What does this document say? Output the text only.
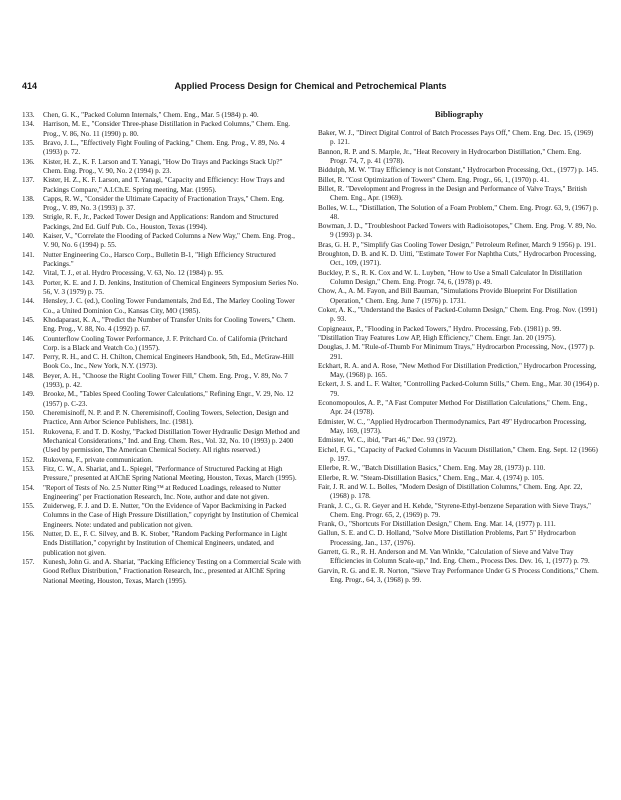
414	Applied Process Design for Chemical and Petrochemical Plants
133. Chen, G. K., "Packed Column Internals," Chem. Eng., Mar. 5 (1984) p. 40.
134. Harrison, M. E., "Consider Three-phase Distillation in Packed Columns," Chem. Eng. Prog., V. 86, No. 11 (1990) p. 80.
135. Bravo, J. L., "Effectively Fight Fouling of Packing," Chem. Eng. Prog., V. 89, No. 4 (1993) p. 72.
136. Kister, H. Z., K. F. Larson and T. Yanagi, "How Do Trays and Packings Stack Up?" Chem. Eng. Prog., V. 90, No. 2 (1994) p. 23.
137. Kister, H. Z., K. F. Larson, and T. Yanagi, "Capacity and Efficiency: How Trays and Packings Compare," A.I.Ch.E. Spring meeting, Mar. (1995).
138. Capps, R. W., "Consider the Ultimate Capacity of Fractionation Trays," Chem. Eng. Prog., V. 89, No. 3 (1993) p. 37.
139. Strigle, R. F., Jr., Packed Tower Design and Applications: Random and Structured Packings, 2nd Ed. Gulf Pub. Co., Houston, Texas (1994).
140. Kaiser, V., "Correlate the Flooding of Packed Columns a New Way," Chem. Eng. Prog., V. 90, No. 6 (1994) p. 55.
141. Nutter Engineering Co., Harsco Corp., Bulletin B-1, "High Efficiency Structured Packings."
142. Vital, T. J., et al. Hydro Processing, V. 63, No. 12 (1984) p. 95.
143. Porter, K. E. and J. D. Jenkins, Institution of Chemical Engineers Symposium Series No. 56, V. 3 (1979) p. 75.
144. Hensley, J. C. (ed.), Cooling Tower Fundamentals, 2nd Ed., The Marley Cooling Tower Co., a United Dominion Co., Kansas City, MO (1985).
145. Khodaparast, K. A., "Predict the Number of Transfer Units for Cooling Towers," Chem. Eng. Prog., V. 88, No. 4 (1992) p. 67.
146. Counterflow Cooling Tower Performance, J. F. Pritchard Co. of California (Pritchard Corp. is a Black and Veatch Co.) (1957).
147. Perry, R. H., and C. H. Chilton, Chemical Engineers Handbook, 5th, Ed., McGraw-Hill Book Co., Inc., New York, N.Y. (1973).
148. Beyer, A. H., "Choose the Right Cooling Tower Fill," Chem. Eng. Prog., V. 89, No. 7 (1993), p. 42.
149. Brooke, M., "Tables Speed Cooling Tower Calculations," Refining Engr., V. 29, No. 12 (1957) p. C-23.
150. Cheremisinoff, N. P. and P. N. Cheremisinoff, Cooling Towers, Selection, Design and Practice, Ann Arbor Science Publishers, Inc. (1981).
151. Rukovena, F. and T. D. Koshy, "Packed Distillation Tower Hydraulic Design Method and Mechanical Considerations," Ind. and Eng. Chem. Res., Vol. 32, No. 10 (1993) p. 2400 (Used by permission, The American Chemical Society. All rights reserved.)
152. Rukovena, F., private communication.
153. Fitz, C. W., A. Shariat, and L. Spiegel, "Performance of Structured Packing at High Pressure," presented at AIChE Spring National Meeting, Houston, Texas, March (1995).
154. "Report of Tests of No. 2.5 Nutter Ring™ at Reduced Loadings, released to Nutter Engineering" per Fractionation Research, Inc. Note, author and date not given.
155. Zuiderweg, F. J. and D. E. Nutter, "On the Evidence of Vapor Backmixing in Packed Columns in the Case of High Pressure Distillation," copyright by Institution of Chemical Engineers. Note: undated and publication not given.
156. Nutter, D. E., F. C. Silvey, and B. K. Stober, "Random Packing Performance in Light Ends Distillation," copyright by Institution of Chemical Engineers, undated, and publication not given.
157. Kunesh, John G. and A. Shariat, "Packing Efficiency Testing on a Commercial Scale with Good Reflux Distribution," Fractionation Research, Inc., presented at AIChE Spring National Meeting, Houston, Texas, March (1995).
Bibliography
Baker, W. J., "Direct Digital Control of Batch Processes Pays Off," Chem. Eng. Dec. 15, (1969) p. 121.
Bannon, R. P. and S. Marple, Jr., "Heat Recovery in Hydrocarbon Distillation," Chem. Eng. Progr. 74, 7, p. 41 (1978).
Biddulph, M. W. "Tray Efficiency is not Constant," Hydrocarbon Processing, Oct., (1977) p. 145.
Billet, R. "Cost Optimization of Towers" Chem. Eng. Progr., 66, 1, (1970) p. 41.
Billet, R. "Development and Progress in the Design and Performance of Valve Trays," British Chem. Eng., Apr. (1969).
Bolles, W. L., "Distillation, The Solution of a Foam Problem," Chem. Eng. Progr. 63, 9, (1967) p. 48.
Bowman, J. D., "Troubleshoot Packed Towers with Radioisotopes," Chem. Eng. Prog. V. 89, No. 9 (1993) p. 34.
Bras, G. H. P., "Simplify Gas Cooling Tower Design," Petroleum Refiner, March 9 1956) p. 191.
Broughton, D. B. and K. D. Uitti, "Estimate Tower For Naphtha Cuts," Hydrocarbon Processing, Oct., 109, (1971).
Buckley, P. S., R. K. Cox and W. L. Luyben, "How to Use a Small Calculator In Distillation Column Design," Chem. Eng. Progr. 74, 6, (1978) p. 49.
Chow, A., A. M. Fayon, and Bill Bauman, "Simulations Provide Blueprint For Distillation Operation," Chem. Eng. June 7 (1976) p. 1731.
Coker, A. K., "Understand the Basics of Packed-Column Design," Chem. Eng. Prog. Nov. (1991) p. 93.
Copigneaux, P., "Flooding in Packed Towers," Hydro. Processing, Feb. (1981) p. 99.
"Distillation Tray Features Low AP, High Efficiency," Chem. Engr. Jan. 20 (1975).
Douglas, J. M. "Rule-of-Thumb For Minimum Trays," Hydrocarbon Processing, Nov., (1977) p. 291.
Eckhart, R. A. and A. Rose, "New Method For Distillation Prediction," Hydrocarbon Processing, May, (1968) p. 165.
Eckert, J. S. and L. F. Walter, "Controlling Packed-Column Stills," Chem. Eng., Mar. 30 (1964) p. 79.
Economopoulos, A. P., "A Fast Computer Method For Distillation Calculations," Chem. Eng., Apr. 24 (1978).
Edmister, W. C., "Applied Hydrocarbon Thermodynamics, Part 49" Hydrocarbon Processing, May, 169, (1973).
Edmister, W. C., ibid, "Part 46," Dec. 93 (1972).
Eichel, F. G., "Capacity of Packed Columns in Vacuum Distillation," Chem. Eng. Sept. 12 (1966) p. 197.
Ellerbe, R. W., "Batch Distillation Basics," Chem. Eng. May 28, (1973) p. 110.
Ellerbe, R. W. "Steam-Distillation Basics," Chem. Eng., Mar. 4, (1974) p. 105.
Fair, J. R. and W. L. Bolles, "Modern Design of Distillation Columns," Chem. Eng. Apr. 22, (1968) p. 178.
Frank, J. C., G. R. Geyer and H. Kehde, "Styrene-Ethyl-benzene Separation with Sieve Trays," Chem. Eng. Progr. 65, 2, (1969) p. 79.
Frank, O., "Shortcuts For Distillation Design," Chem. Eng. Mar. 14, (1977) p. 111.
Gallun, S. E. and C. D. Holland, "Solve More Distillation Problems, Part 5" Hydrocarbon Processing, Jan., 137, (1976).
Garrett, G. R., R. H. Anderson and M. Van Winkle, "Calculation of Sieve and Valve Tray Efficiencies in Column Scale-up," Ind. Eng. Chem., Process Des. Dev. 16, 1, (1977) p. 79.
Garvin, R. G. and E. R. Norton, "Sieve Tray Performance Under G S Process Conditions," Chem. Eng. Progr., 64, 3, (1968) p. 99.
